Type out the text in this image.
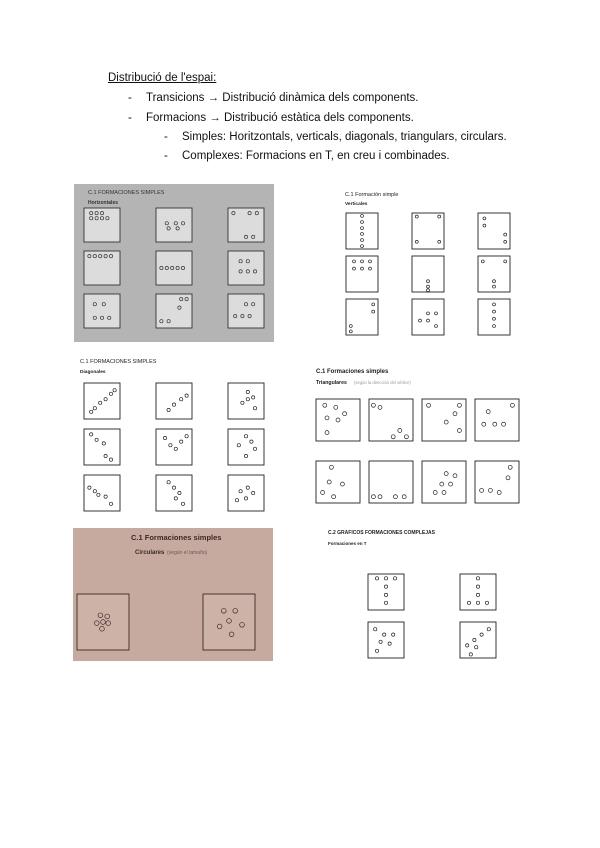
Distribució de l'espai:
- Transicions → Distribució dinàmica dels components.
- Formacions → Distribució estàtica dels components.
- Simples: Horitzontals, verticals, diagonals, triangulars, circulars.
- Complexes: Formacions en T, en creu i combinades.
C.1 FORMACIONES SIMPLES
Horizontales
C.1 Formación simple
Verticales
C.1 FORMACIONES SIMPLES
Diagonales	C.1 Formaciones simples
Triangulares (según la dirección del vértice)
C.1 Formaciones simples
Circulares (según el tamaño)
C.2 GRAFICOS FORMACIONES COMPLEJAS
Formaciones en T
